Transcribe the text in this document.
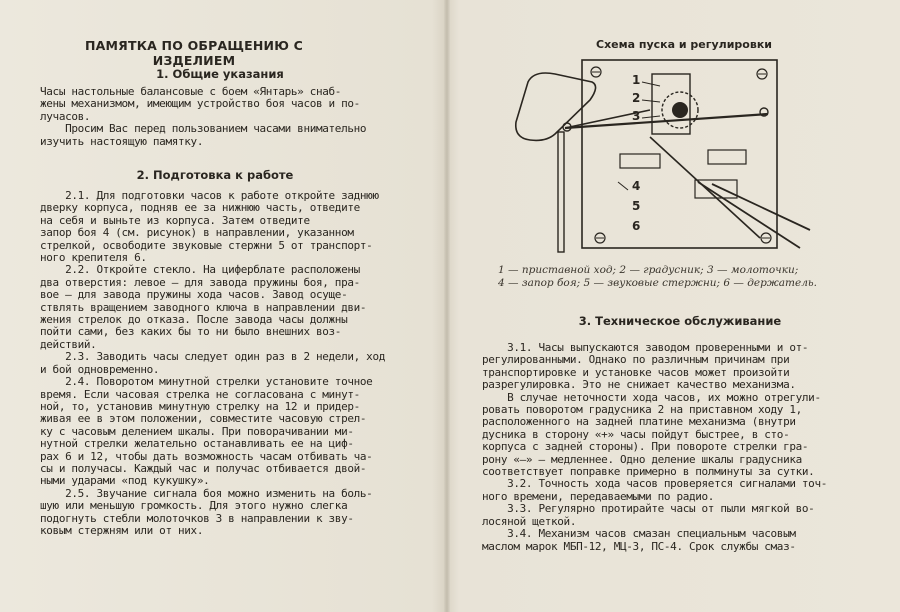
ПАМЯТКА ПО ОБРАЩЕНИЮ С ИЗДЕЛИЕМ
1. Общие указания
Часы настольные балансовые с боем «Янтарь» снаб-
жены механизмом, имеющим устройство боя часов и по-
лучасов.
Просим Вас перед пользованием часами внимательно
изучить настоящую памятку.
2. Подготовка к работе
2.1. Для подготовки часов к работе откройте заднюю
дверку корпуса, подняв ее за нижнюю часть, отведите
на себя и выньте из корпуса. Затем отведите
запор боя 4 (см. рисунок) в направлении, указанном
стрелкой, освободите звуковые стержни 5 от транспорт-
ного крепителя 6.
2.2. Откройте стекло. На циферблате расположены
два отверстия: левое — для завода пружины боя, пра-
вое — для завода пружины хода часов. Завод осуще-
ствлять вращением заводного ключа в направлении дви-
жения стрелок до отказа. После завода часы должны
пойти сами, без каких бы то ни было внешних воз-
действий.
2.3. Заводить часы следует один раз в 2 недели, ход
и бой одновременно.
2.4. Поворотом минутной стрелки установите точное
время. Если часовая стрелка не согласована с минут-
ной, то, установив минутную стрелку на 12 и придер-
живая ее в этом положении, совместите часовую стрел-
ку с часовым делением шкалы. При поворачивании ми-
нутной стрелки желательно останавливать ее на циф-
рах 6 и 12, чтобы дать возможность часам отбивать ча-
сы и получасы. Каждый час и получас отбивается двой-
ными ударами «под кукушку».
2.5. Звучание сигнала боя можно изменить на боль-
шую или меньшую громкость. Для этого нужно слегка
подогнуть стебли молоточков 3 в направлении к зву-
ковым стержням или от них.
Схема пуска и регулировки
1
2
3
4
5
6
1 — приставной ход; 2 — градусник; 3 — молоточки;
4 — запор боя; 5 — звуковые стержни; 6 — держатель.
3. Техническое обслуживание
3.1. Часы выпускаются заводом проверенными и от-
регулированными. Однако по различным причинам при
транспортировке и установке часов может произойти
разрегулировка. Это не снижает качество механизма.
В случае неточности хода часов, их можно отрегули-
ровать поворотом градусника 2 на приставном ходу 1,
расположенного на задней платине механизма (внутри
дусника в сторону «+» часы пойдут быстрее, в сто-
корпуса с задней стороны). При повороте стрелки гра-
рону «—» — медленнее. Одно деление шкалы градусника
соответствует поправке примерно в полминуты за сутки.
3.2. Точность хода часов проверяется сигналами точ-
ного времени, передаваемыми по радио.
3.3. Регулярно протирайте часы от пыли мягкой во-
лосяной щеткой.
3.4. Механизм часов смазан специальным часовым
маслом марок МБП-12, МЦ-3, ПС-4. Срок службы смаз-
